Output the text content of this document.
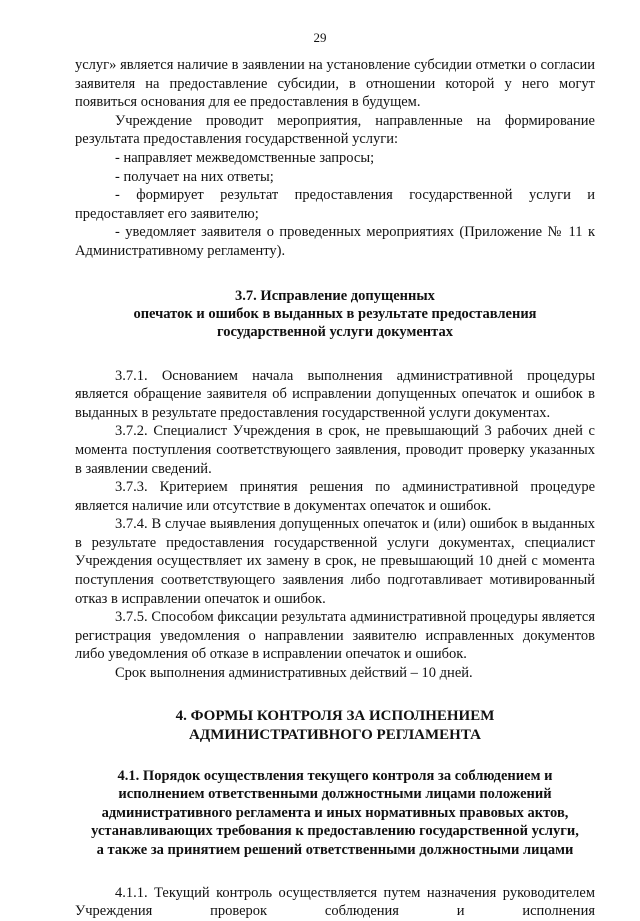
29

услуг» является наличие в заявлении на установление субсидии отметки о согласии заявителя на предоставление субсидии, в отношении которой у него могут появиться основания для ее предоставления в будущем.

Учреждение проводит мероприятия, направленные на формирование результата предоставления государственной услуги:

- направляет межведомственные запросы;

- получает на них ответы;

- формирует результат предоставления государственной услуги и предоставляет его заявителю;

- уведомляет заявителя о проведенных мероприятиях (Приложение № 11 к Административному регламенту).

3.7. Исправление допущенных
опечаток и ошибок в выданных в результате предоставления
государственной услуги документах

3.7.1. Основанием начала выполнения административной процедуры является обращение заявителя об исправлении допущенных опечаток и ошибок в выданных в результате предоставления государственной услуги документах.

3.7.2. Специалист Учреждения в срок, не превышающий 3 рабочих дней с момента поступления соответствующего заявления, проводит проверку указанных в заявлении сведений.

3.7.3. Критерием принятия решения по административной процедуре является наличие или отсутствие в документах опечаток и ошибок.

3.7.4. В случае выявления допущенных опечаток и (или) ошибок в выданных в результате предоставления государственной услуги документах, специалист Учреждения осуществляет их замену в срок, не превышающий 10 дней с момента поступления соответствующего заявления либо подготавливает мотивированный отказ в исправлении опечаток и ошибок.

3.7.5. Способом фиксации результата административной процедуры является регистрация уведомления о направлении заявителю исправленных документов либо уведомления об отказе в исправлении опечаток и ошибок.

Срок выполнения административных действий – 10 дней.

4. ФОРМЫ КОНТРОЛЯ ЗА ИСПОЛНЕНИЕМ
АДМИНИСТРАТИВНОГО РЕГЛАМЕНТА
4.1. Порядок осуществления текущего контроля за соблюдением и
исполнением ответственными должностными лицами положений
административного регламента и иных нормативных правовых актов,
устанавливающих требования к предоставлению государственной услуги,
а также за принятием решений ответственными должностными лицами

4.1.1. Текущий контроль осуществляется путем назначения руководителем Учреждения проверок соблюдения и исполнения
